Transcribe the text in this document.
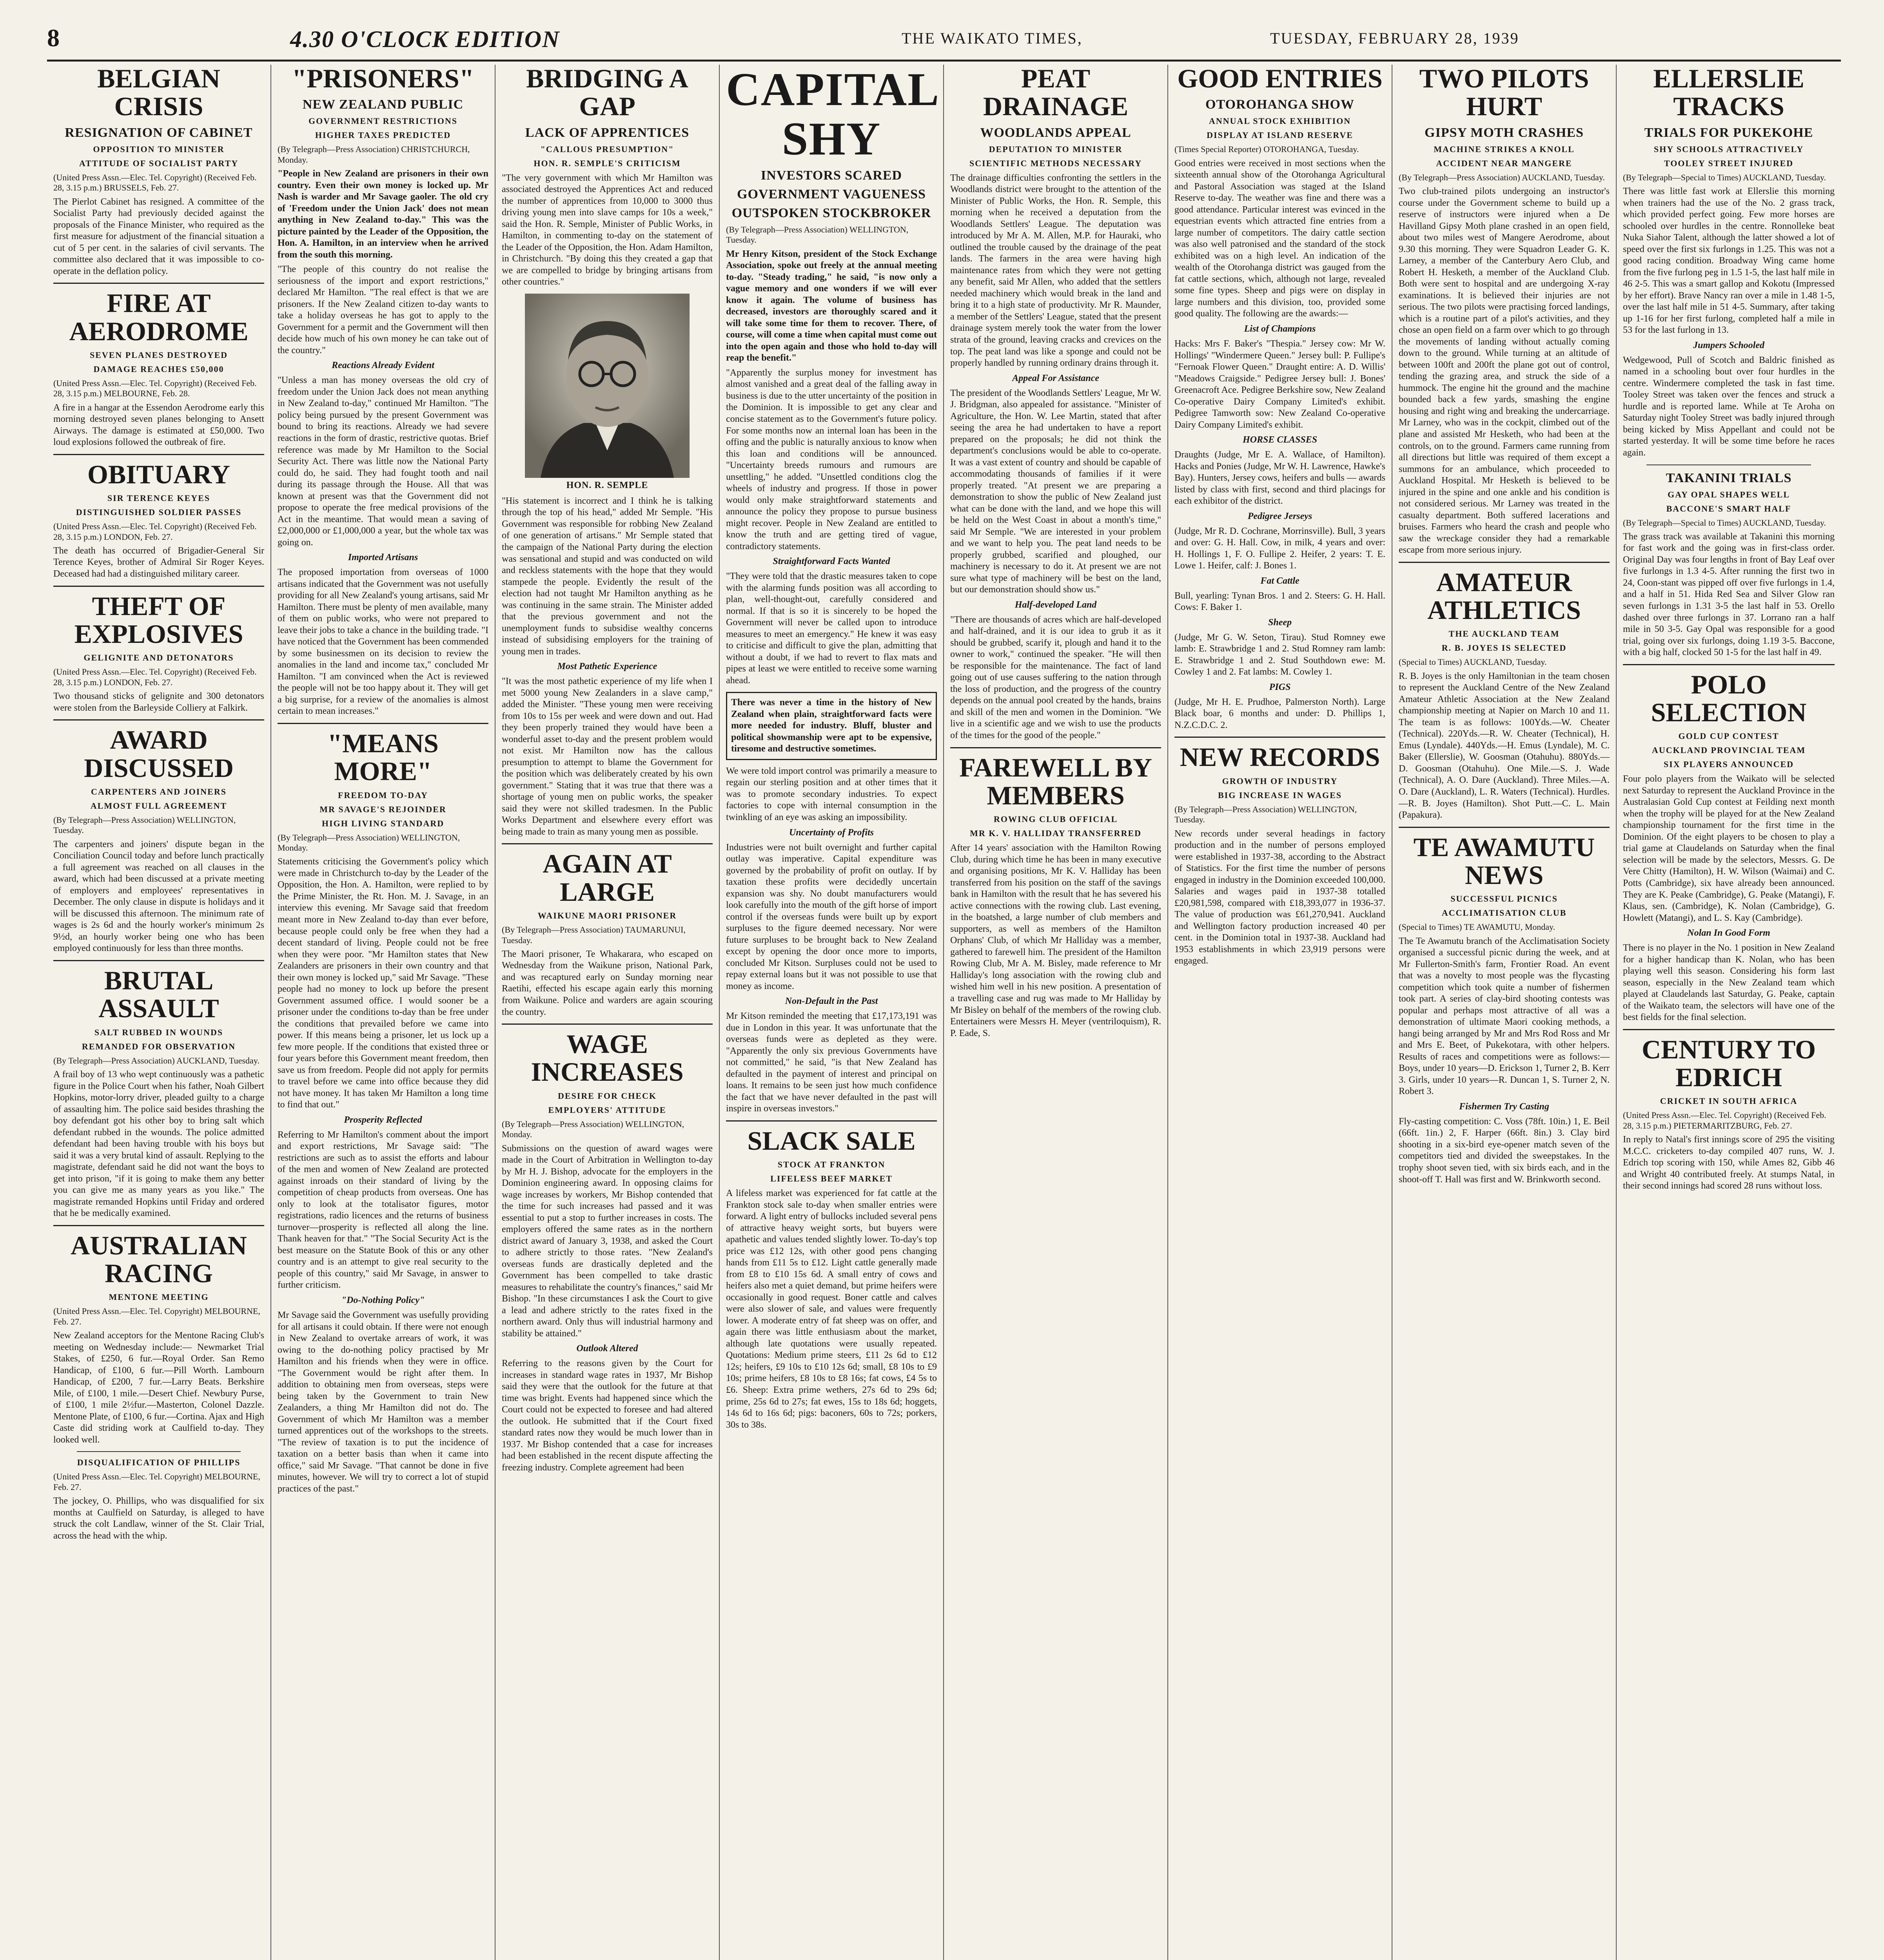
8	4.30 O'CLOCK EDITION	THE WAIKATO TIMES,	TUESDAY, FEBRUARY 28, 1939
BELGIAN CRISIS
RESIGNATION OF CABINET
OPPOSITION TO MINISTER
ATTITUDE OF SOCIALIST PARTY
(United Press Assn.—Elec. Tel. Copyright) (Received Feb. 28, 3.15 p.m.) BRUSSELS, Feb. 27.
The Pierlot Cabinet has resigned. A committee of the Socialist Party had previously decided against the proposals of the Finance Minister, who required as the first measure for adjustment of the financial situation a cut of 5 per cent. in the salaries of civil servants. The committee also declared that it was impossible to co-operate in the deflation policy.
FIRE AT AERODROME
SEVEN PLANES DESTROYED
DAMAGE REACHES £50,000
(United Press Assn.—Elec. Tel. Copyright) (Received Feb. 28, 3.15 p.m.) MELBOURNE, Feb. 28.
A fire in a hangar at the Essendon Aerodrome early this morning destroyed seven planes belonging to Ansett Airways. The damage is estimated at £50,000. Two loud explosions followed the outbreak of fire.
OBITUARY
SIR TERENCE KEYES
DISTINGUISHED SOLDIER PASSES
(United Press Assn.—Elec. Tel. Copyright) (Received Feb. 28, 3.15 p.m.) LONDON, Feb. 27.
The death has occurred of Brigadier-General Sir Terence Keyes, brother of Admiral Sir Roger Keyes. Deceased had had a distinguished military career.
THEFT OF EXPLOSIVES
GELIGNITE AND DETONATORS
(United Press Assn.—Elec. Tel. Copyright) (Received Feb. 28, 3.15 p.m.) LONDON, Feb. 27.
Two thousand sticks of gelignite and 300 detonators were stolen from the Barleyside Colliery at Falkirk.
AWARD DISCUSSED
CARPENTERS AND JOINERS
ALMOST FULL AGREEMENT
(By Telegraph—Press Association) WELLINGTON, Tuesday.
The carpenters and joiners' dispute began in the Conciliation Council today and before lunch practically a full agreement was reached on all clauses in the award, which had been discussed at a private meeting of employers and employees' representatives in December. The only clause in dispute is holidays and it will be discussed this afternoon. The minimum rate of wages is 2s 6d and the hourly worker's minimum 2s 9½d, an hourly worker being one who has been employed continuously for less than three months.
BRUTAL ASSAULT
SALT RUBBED IN WOUNDS
REMANDED FOR OBSERVATION
(By Telegraph—Press Association) AUCKLAND, Tuesday.
A frail boy of 13 who wept continuously was a pathetic figure in the Police Court when his father, Noah Gilbert Hopkins, motor-lorry driver, pleaded guilty to a charge of assaulting him. The police said besides thrashing the boy defendant got his other boy to bring salt which defendant rubbed in the wounds. The police admitted defendant had been having trouble with his boys but said it was a very brutal kind of assault. Replying to the magistrate, defendant said he did not want the boys to get into prison, "if it is going to make them any better you can give me as many years as you like." The magistrate remanded Hopkins until Friday and ordered that he be medically examined.
AUSTRALIAN RACING
MENTONE MEETING
(United Press Assn.—Elec. Tel. Copyright) MELBOURNE, Feb. 27.
New Zealand acceptors for the Mentone Racing Club's meeting on Wednesday include:— Newmarket Trial Stakes, of £250, 6 fur.—Royal Order. San Remo Handicap, of £100, 6 fur.—Pill Worth. Lambourn Handicap, of £200, 7 fur.—Larry Beats. Berkshire Mile, of £100, 1 mile.—Desert Chief. Newbury Purse, of £100, 1 mile 2½fur.—Masterton, Colonel Dazzle. Mentone Plate, of £100, 6 fur.—Cortina. Ajax and High Caste did striding work at Caulfield to-day. They looked well.
DISQUALIFICATION OF PHILLIPS
(United Press Assn.—Elec. Tel. Copyright) MELBOURNE, Feb. 27.
The jockey, O. Phillips, who was disqualified for six months at Caulfield on Saturday, is alleged to have struck the colt Landlaw, winner of the St. Clair Trial, across the head with the whip.
"PRISONERS"
NEW ZEALAND PUBLIC
GOVERNMENT RESTRICTIONS
HIGHER TAXES PREDICTED
(By Telegraph—Press Association) CHRISTCHURCH, Monday.
"People in New Zealand are prisoners in their own country. Even their own money is locked up. Mr Nash is warder and Mr Savage gaoler. The old cry of 'Freedom under the Union Jack' does not mean anything in New Zealand to-day." This was the picture painted by the Leader of the Opposition, the Hon. A. Hamilton, in an interview when he arrived from the south this morning.
"The people of this country do not realise the seriousness of the import and export restrictions," declared Mr Hamilton. "The real effect is that we are prisoners. If the New Zealand citizen to-day wants to take a holiday overseas he has got to apply to the Government for a permit and the Government will then decide how much of his own money he can take out of the country."
Reactions Already Evident
"Unless a man has money overseas the old cry of freedom under the Union Jack does not mean anything in New Zealand to-day," continued Mr Hamilton. "The policy being pursued by the present Government was bound to bring its reactions. Already we had severe reactions in the form of drastic, restrictive quotas. Brief reference was made by Mr Hamilton to the Social Security Act. There was little now the National Party could do, he said. They had fought tooth and nail during its passage through the House. All that was known at present was that the Government did not propose to operate the free medical provisions of the Act in the meantime. That would mean a saving of £2,000,000 or £1,000,000 a year, but the whole tax was going on.
Imported Artisans
The proposed importation from overseas of 1000 artisans indicated that the Government was not usefully providing for all New Zealand's young artisans, said Mr Hamilton. There must be plenty of men available, many of them on public works, who were not prepared to leave their jobs to take a chance in the building trade. "I have noticed that the Government has been commended by some businessmen on its decision to review the anomalies in the land and income tax," concluded Mr Hamilton. "I am convinced when the Act is reviewed the people will not be too happy about it. They will get a big surprise, for a review of the anomalies is almost certain to mean increases."
"MEANS MORE"
FREEDOM TO-DAY
MR SAVAGE'S REJOINDER
HIGH LIVING STANDARD
(By Telegraph—Press Association) WELLINGTON, Monday.
Statements criticising the Government's policy which were made in Christchurch to-day by the Leader of the Opposition, the Hon. A. Hamilton, were replied to by the Prime Minister, the Rt. Hon. M. J. Savage, in an interview this evening. Mr Savage said that freedom meant more in New Zealand to-day than ever before, because people could only be free when they had a decent standard of living. People could not be free when they were poor. "Mr Hamilton states that New Zealanders are prisoners in their own country and that their own money is locked up," said Mr Savage. "These people had no money to lock up before the present Government assumed office. I would sooner be a prisoner under the conditions to-day than be free under the conditions that prevailed before we came into power. If this means being a prisoner, let us lock up a few more people. If the conditions that existed three or four years before this Government meant freedom, then save us from freedom. People did not apply for permits to travel before we came into office because they did not have money. It has taken Mr Hamilton a long time to find that out."
Prosperity Reflected
Referring to Mr Hamilton's comment about the import and export restrictions, Mr Savage said: "The restrictions are such as to assist the efforts and labour of the men and women of New Zealand are protected against inroads on their standard of living by the competition of cheap products from overseas. One has only to look at the totalisator figures, motor registrations, radio licences and the returns of business turnover—prosperity is reflected all along the line. Thank heaven for that." "The Social Security Act is the best measure on the Statute Book of this or any other country and is an attempt to give real security to the people of this country," said Mr Savage, in answer to further criticism.
"Do-Nothing Policy"
Mr Savage said the Government was usefully providing for all artisans it could obtain. If there were not enough in New Zealand to overtake arrears of work, it was owing to the do-nothing policy practised by Mr Hamilton and his friends when they were in office. "The Government would be right after them. In addition to obtaining men from overseas, steps were being taken by the Government to train New Zealanders, a thing Mr Hamilton did not do. The Government of which Mr Hamilton was a member turned apprentices out of the workshops to the streets. "The review of taxation is to put the incidence of taxation on a better basis than when it came into office," said Mr Savage. "That cannot be done in five minutes, however. We will try to correct a lot of stupid practices of the past."
BRIDGING A GAP
LACK OF APPRENTICES
"CALLOUS PRESUMPTION"
HON. R. SEMPLE'S CRITICISM
"The very government with which Mr Hamilton was associated destroyed the Apprentices Act and reduced the number of apprentices from 10,000 to 3000 thus driving young men into slave camps for 10s a week," said the Hon. R. Semple, Minister of Public Works, in Hamilton, in commenting to-day on the statement of the Leader of the Opposition, the Hon. Adam Hamilton, in Christchurch. "By doing this they created a gap that we are compelled to bridge by bringing artisans from other countries."
HON. R. SEMPLE
"His statement is incorrect and I think he is talking through the top of his head," added Mr Semple. "His Government was responsible for robbing New Zealand of one generation of artisans." Mr Semple stated that the campaign of the National Party during the election was sensational and stupid and was conducted on wild and reckless statements with the hope that they would stampede the people. Evidently the result of the election had not taught Mr Hamilton anything as he was continuing in the same strain. The Minister added that the previous government and not the unemployment funds to subsidise wealthy concerns instead of subsidising employers for the training of young men in trades.
Most Pathetic Experience
"It was the most pathetic experience of my life when I met 5000 young New Zealanders in a slave camp," added the Minister. "These young men were receiving from 10s to 15s per week and were down and out. Had they been properly trained they would have been a wonderful asset to-day and the present problem would not exist. Mr Hamilton now has the callous presumption to attempt to blame the Government for the position which was deliberately created by his own government." Stating that it was true that there was a shortage of young men on public works, the speaker said they were not skilled tradesmen. In the Public Works Department and elsewhere every effort was being made to train as many young men as possible.
AGAIN AT LARGE
WAIKUNE MAORI PRISONER
(By Telegraph—Press Association) TAUMARUNUI, Tuesday.
The Maori prisoner, Te Whakarara, who escaped on Wednesday from the Waikune prison, National Park, and was recaptured early on Sunday morning near Raetihi, effected his escape again early this morning from Waikune. Police and warders are again scouring the country.
WAGE INCREASES
DESIRE FOR CHECK
EMPLOYERS' ATTITUDE
(By Telegraph—Press Association) WELLINGTON, Monday.
Submissions on the question of award wages were made in the Court of Arbitration in Wellington to-day by Mr H. J. Bishop, advocate for the employers in the Dominion engineering award. In opposing claims for wage increases by workers, Mr Bishop contended that the time for such increases had passed and it was essential to put a stop to further increases in costs. The employers offered the same rates as in the northern district award of January 3, 1938, and asked the Court to adhere strictly to those rates. "New Zealand's overseas funds are drastically depleted and the Government has been compelled to take drastic measures to rehabilitate the country's finances," said Mr Bishop. "In these circumstances I ask the Court to give a lead and adhere strictly to the rates fixed in the northern award. Only thus will industrial harmony and stability be attained."
Outlook Altered
Referring to the reasons given by the Court for increases in standard wage rates in 1937, Mr Bishop said they were that the outlook for the future at that time was bright. Events had happened since which the Court could not be expected to foresee and had altered the outlook. He submitted that if the Court fixed standard rates now they would be much lower than in 1937. Mr Bishop contended that a case for increases had been established in the recent dispute affecting the freezing industry. Complete agreement had been
CAPITAL SHY
INVESTORS SCARED
GOVERNMENT VAGUENESS
OUTSPOKEN STOCKBROKER
(By Telegraph—Press Association) WELLINGTON, Tuesday.
Mr Henry Kitson, president of the Stock Exchange Association, spoke out freely at the annual meeting to-day. "Steady trading," he said, "is now only a vague memory and one wonders if we will ever know it again. The volume of business has decreased, investors are thoroughly scared and it will take some time for them to recover. There, of course, will come a time when capital must come out into the open again and those who hold to-day will reap the benefit."
"Apparently the surplus money for investment has almost vanished and a great deal of the falling away in business is due to the utter uncertainty of the position in the Dominion. It is impossible to get any clear and concise statement as to the Government's future policy. For some months now an internal loan has been in the offing and the public is naturally anxious to know when this loan and conditions will be announced. "Uncertainty breeds rumours and rumours are unsettling," he added. "Unsettled conditions clog the wheels of industry and progress. If those in power would only make straightforward statements and announce the policy they propose to pursue business might recover. People in New Zealand are entitled to know the truth and are getting tired of vague, contradictory statements.
Straightforward Facts Wanted
"They were told that the drastic measures taken to cope with the alarming funds position was all according to plan, well-thought-out, carefully considered and normal. If that is so it is sincerely to be hoped the Government will never be called upon to introduce measures to meet an emergency." He knew it was easy to criticise and difficult to give the plan, admitting that without a doubt, if we had to revert to flax mats and pipes at least we were entitled to receive some warning ahead.
There was never a time in the history of New Zealand when plain, straightforward facts were more needed for industry. Bluff, bluster and political showmanship were apt to be expensive, tiresome and destructive sometimes.
We were told import control was primarily a measure to regain our sterling position and at other times that it was to promote secondary industries. To expect factories to cope with internal consumption in the twinkling of an eye was asking an impossibility.
Uncertainty of Profits
Industries were not built overnight and further capital outlay was imperative. Capital expenditure was governed by the probability of profit on outlay. If by taxation these profits were decidedly uncertain expansion was shy. No doubt manufacturers would look carefully into the mouth of the gift horse of import control if the overseas funds were built up by export surpluses to the figure deemed necessary. Nor were future surpluses to be brought back to New Zealand except by opening the door once more to imports, concluded Mr Kitson. Surpluses could not be used to repay external loans but it was not possible to use that money as income.
Non-Default in the Past
Mr Kitson reminded the meeting that £17,173,191 was due in London in this year. It was unfortunate that the overseas funds were as depleted as they were. "Apparently the only six previous Governments have not committed," he said, "is that New Zealand has defaulted in the payment of interest and principal on loans. It remains to be seen just how much confidence the fact that we have never defaulted in the past will inspire in overseas investors."
SLACK SALE
STOCK AT FRANKTON
LIFELESS BEEF MARKET
A lifeless market was experienced for fat cattle at the Frankton stock sale to-day when smaller entries were forward. A light entry of bullocks included several pens of attractive heavy weight sorts, but buyers were apathetic and values tended slightly lower. To-day's top price was £12 12s, with other good pens changing hands from £11 5s to £12. Light cattle generally made from £8 to £10 15s 6d. A small entry of cows and heifers also met a quiet demand, but prime heifers were occasionally in good request. Boner cattle and calves were also slower of sale, and values were frequently lower. A moderate entry of fat sheep was on offer, and again there was little enthusiasm about the market, although late quotations were usually repeated. Quotations: Medium prime steers, £11 2s 6d to £12 12s; heifers, £9 10s to £10 12s 6d; small, £8 10s to £9 10s; prime heifers, £8 10s to £8 16s; fat cows, £4 5s to £6. Sheep: Extra prime wethers, 27s 6d to 29s 6d; prime, 25s 6d to 27s; fat ewes, 15s to 18s 6d; hoggets, 14s 6d to 16s 6d; pigs: baconers, 60s to 72s; porkers, 30s to 38s.
PEAT DRAINAGE
WOODLANDS APPEAL
DEPUTATION TO MINISTER
SCIENTIFIC METHODS NECESSARY
The drainage difficulties confronting the settlers in the Woodlands district were brought to the attention of the Minister of Public Works, the Hon. R. Semple, this morning when he received a deputation from the Woodlands Settlers' League. The deputation was introduced by Mr A. M. Allen, M.P. for Hauraki, who outlined the trouble caused by the drainage of the peat lands. The farmers in the area were having high maintenance rates from which they were not getting any benefit, said Mr Allen, who added that the settlers needed machinery which would break in the land and bring it to a high state of productivity. Mr R. Maunder, a member of the Settlers' League, stated that the present drainage system merely took the water from the lower strata of the ground, leaving cracks and crevices on the top. The peat land was like a sponge and could not be properly handled by running ordinary drains through it.
Appeal For Assistance
The president of the Woodlands Settlers' League, Mr W. J. Bridgman, also appealed for assistance. "Minister of Agriculture, the Hon. W. Lee Martin, stated that after seeing the area he had undertaken to have a report prepared on the proposals; he did not think the department's conclusions would be able to co-operate. It was a vast extent of country and should be capable of accommodating thousands of families if it were properly treated. "At present we are preparing a demonstration to show the public of New Zealand just what can be done with the land, and we hope this will be held on the West Coast in about a month's time," said Mr Semple. "We are interested in your problem and we want to help you. The peat land needs to be properly grubbed, scarified and ploughed, our machinery is necessary to do it. At present we are not sure what type of machinery will be best on the land, but our demonstration should show us."
Half-developed Land
"There are thousands of acres which are half-developed and half-drained, and it is our idea to grub it as it should be grubbed, scarify it, plough and hand it to the owner to work," continued the speaker. "He will then be responsible for the maintenance. The fact of land going out of use causes suffering to the nation through the loss of production, and the progress of the country depends on the annual pool created by the hands, brains and skill of the men and women in the Dominion. "We live in a scientific age and we wish to use the products of the times for the good of the people."
FAREWELL BY MEMBERS
ROWING CLUB OFFICIAL
MR K. V. HALLIDAY TRANSFERRED
After 14 years' association with the Hamilton Rowing Club, during which time he has been in many executive and organising positions, Mr K. V. Halliday has been transferred from his position on the staff of the savings bank in Hamilton with the result that he has severed his active connections with the rowing club. Last evening, in the boatshed, a large number of club members and supporters, as well as members of the Hamilton Orphans' Club, of which Mr Halliday was a member, gathered to farewell him. The president of the Hamilton Rowing Club, Mr A. M. Bisley, made reference to Mr Halliday's long association with the rowing club and wished him well in his new position. A presentation of a travelling case and rug was made to Mr Halliday by Mr Bisley on behalf of the members of the rowing club. Entertainers were Messrs H. Meyer (ventriloquism), R. P. Eade, S.
GOOD ENTRIES
OTOROHANGA SHOW
ANNUAL STOCK EXHIBITION
DISPLAY AT ISLAND RESERVE
(Times Special Reporter) OTOROHANGA, Tuesday.
Good entries were received in most sections when the sixteenth annual show of the Otorohanga Agricultural and Pastoral Association was staged at the Island Reserve to-day. The weather was fine and there was a good attendance. Particular interest was evinced in the equestrian events which attracted fine entries from a large number of competitors. The dairy cattle section was also well patronised and the standard of the stock exhibited was on a high level. An indication of the wealth of the Otorohanga district was gauged from the fat cattle sections, which, although not large, revealed some fine types. Sheep and pigs were on display in large numbers and this division, too, provided some good quality. The following are the awards:—
List of Champions
Hacks: Mrs F. Baker's "Thespia." Jersey cow: Mr W. Hollings' "Windermere Queen." Jersey bull: P. Fullipe's "Fernoak Flower Queen." Draught entire: A. D. Willis' "Meadows Craigside." Pedigree Jersey bull: J. Bones' Greenacroft Ace. Pedigree Berkshire sow, New Zealand Co-operative Dairy Company Limited's exhibit. Pedigree Tamworth sow: New Zealand Co-operative Dairy Company Limited's exhibit.
HORSE CLASSES
Draughts (Judge, Mr E. A. Wallace, of Hamilton). Hacks and Ponies (Judge, Mr W. H. Lawrence, Hawke's Bay). Hunters, Jersey cows, heifers and bulls — awards listed by class with first, second and third placings for each exhibitor of the district.
Pedigree Jerseys
(Judge, Mr R. D. Cochrane, Morrinsville). Bull, 3 years and over: G. H. Hall. Cow, in milk, 4 years and over: H. Hollings 1, F. O. Fullipe 2. Heifer, 2 years: T. E. Lowe 1. Heifer, calf: J. Bones 1.
Fat Cattle
Bull, yearling: Tynan Bros. 1 and 2. Steers: G. H. Hall. Cows: F. Baker 1.
Sheep
(Judge, Mr G. W. Seton, Tirau). Stud Romney ewe lamb: E. Strawbridge 1 and 2. Stud Romney ram lamb: E. Strawbridge 1 and 2. Stud Southdown ewe: M. Cowley 1 and 2. Fat lambs: M. Cowley 1.
PIGS
(Judge, Mr H. E. Prudhoe, Palmerston North). Large Black boar, 6 months and under: D. Phillips 1, N.Z.C.D.C. 2.
NEW RECORDS
GROWTH OF INDUSTRY
BIG INCREASE IN WAGES
(By Telegraph—Press Association) WELLINGTON, Tuesday.
New records under several headings in factory production and in the number of persons employed were established in 1937-38, according to the Abstract of Statistics. For the first time the number of persons engaged in industry in the Dominion exceeded 100,000. Salaries and wages paid in 1937-38 totalled £20,981,598, compared with £18,393,077 in 1936-37. The value of production was £61,270,941. Auckland and Wellington factory production increased 40 per cent. in the Dominion total in 1937-38. Auckland had 1953 establishments in which 23,919 persons were engaged.
TWO PILOTS HURT
GIPSY MOTH CRASHES
MACHINE STRIKES A KNOLL
ACCIDENT NEAR MANGERE
(By Telegraph—Press Association) AUCKLAND, Tuesday.
Two club-trained pilots undergoing an instructor's course under the Government scheme to build up a reserve of instructors were injured when a De Havilland Gipsy Moth plane crashed in an open field, about two miles west of Mangere Aerodrome, about 9.30 this morning. They were Squadron Leader G. K. Larney, a member of the Canterbury Aero Club, and Robert H. Hesketh, a member of the Auckland Club. Both were sent to hospital and are undergoing X-ray examinations. It is believed their injuries are not serious. The two pilots were practising forced landings, which is a routine part of a pilot's activities, and they chose an open field on a farm over which to go through the movements of landing without actually coming down to the ground. While turning at an altitude of between 100ft and 200ft the plane got out of control, tending the grazing area, and struck the side of a hummock. The engine hit the ground and the machine bounded back a few yards, smashing the engine housing and right wing and breaking the undercarriage. Mr Larney, who was in the cockpit, climbed out of the plane and assisted Mr Hesketh, who had been at the controls, on to the ground. Farmers came running from all directions but little was required of them except a summons for an ambulance, which proceeded to Auckland Hospital. Mr Hesketh is believed to be injured in the spine and one ankle and his condition is not considered serious. Mr Larney was treated in the casualty department. Both suffered lacerations and bruises. Farmers who heard the crash and people who saw the wreckage consider they had a remarkable escape from more serious injury.
AMATEUR ATHLETICS
THE AUCKLAND TEAM
R. B. JOYES IS SELECTED
(Special to Times) AUCKLAND, Tuesday.
R. B. Joyes is the only Hamiltonian in the team chosen to represent the Auckland Centre of the New Zealand Amateur Athletic Association at the New Zealand championship meeting at Napier on March 10 and 11. The team is as follows: 100Yds.—W. Cheater (Technical). 220Yds.—R. W. Cheater (Technical), H. Emus (Lyndale). 440Yds.—H. Emus (Lyndale), M. C. Baker (Ellerslie), W. Goosman (Otahuhu). 880Yds.—D. Goosman (Otahuhu). One Mile.—S. J. Wade (Technical), A. O. Dare (Auckland). Three Miles.—A. O. Dare (Auckland), L. R. Waters (Technical). Hurdles.—R. B. Joyes (Hamilton). Shot Putt.—C. L. Main (Papakura).
TE AWAMUTU NEWS
SUCCESSFUL PICNICS
ACCLIMATISATION CLUB
(Special to Times) TE AWAMUTU, Monday.
The Te Awamutu branch of the Acclimatisation Society organised a successful picnic during the week, and at Mr Fullerton-Smith's farm, Frontier Road. An event that was a novelty to most people was the flycasting competition which took quite a number of fishermen took part. A series of clay-bird shooting contests was popular and perhaps most attractive of all was a demonstration of ultimate Maori cooking methods, a hangi being arranged by Mr and Mrs Rod Ross and Mr and Mrs E. Beet, of Pukekotara, with other helpers. Results of races and competitions were as follows:—Boys, under 10 years—D. Erickson 1, Turner 2, B. Kerr 3. Girls, under 10 years—R. Duncan 1, S. Turner 2, N. Robert 3.
Fishermen Try Casting
Fly-casting competition: C. Voss (78ft. 10in.) 1, E. Beil (66ft. 1in.) 2, F. Harper (66ft. 8in.) 3. Clay bird shooting in a six-bird eye-opener match seven of the competitors tied and divided the sweepstakes. In the trophy shoot seven tied, with six birds each, and in the shoot-off T. Hall was first and W. Brinkworth second.
ELLERSLIE TRACKS
TRIALS FOR PUKEKOHE
SHY SCHOOLS ATTRACTIVELY
TOOLEY STREET INJURED
(By Telegraph—Special to Times) AUCKLAND, Tuesday.
There was little fast work at Ellerslie this morning when trainers had the use of the No. 2 grass track, which provided perfect going. Few more horses are schooled over hurdles in the centre. Ronnolleke beat Nuka Siahor Talent, although the latter showed a lot of speed over the first six furlongs in 1.25. This was not a good racing condition. Broadway Wing came home from the five furlong peg in 1.5 1-5, the last half mile in 46 2-5. This was a smart gallop and Kokotu (Impressed by her effort). Brave Nancy ran over a mile in 1.48 1-5, over the last half mile in 51 4-5. Summary, after taking up 1-16 for her first furlong, completed half a mile in 53 for the last furlong in 13.
Jumpers Schooled
Wedgewood, Pull of Scotch and Baldric finished as named in a schooling bout over four hurdles in the centre. Windermere completed the task in fast time. Tooley Street was taken over the fences and struck a hurdle and is reported lame. While at Te Aroha on Saturday night Tooley Street was badly injured through being kicked by Miss Appellant and could not be started yesterday. It will be some time before he races again.
TAKANINI TRIALS
GAY OPAL SHAPES WELL
BACCONE'S SMART HALF
(By Telegraph—Special to Times) AUCKLAND, Tuesday.
The grass track was available at Takanini this morning for fast work and the going was in first-class order. Original Day was four lengths in front of Bay Leaf over five furlongs in 1.3 4-5. After running the first two in 24, Coon-stant was pipped off over five furlongs in 1.4, and a half in 51. Hida Red Sea and Silver Glow ran seven furlongs in 1.31 3-5 the last half in 53. Orello dashed over three furlongs in 37. Lorrano ran a half mile in 50 3-5. Gay Opal was responsible for a good trial, going over six furlongs, doing 1.19 3-5. Baccone, with a big half, clocked 50 1-5 for the last half in 49.
POLO SELECTION
GOLD CUP CONTEST
AUCKLAND PROVINCIAL TEAM
SIX PLAYERS ANNOUNCED
Four polo players from the Waikato will be selected next Saturday to represent the Auckland Province in the Australasian Gold Cup contest at Feilding next month when the trophy will be played for at the New Zealand championship tournament for the first time in the Dominion. Of the eight players to be chosen to play a trial game at Claudelands on Saturday when the final selection will be made by the selectors, Messrs. G. De Vere Chitty (Hamilton), H. W. Wilson (Waimai) and C. Potts (Cambridge), six have already been announced. They are K. Peake (Cambridge), G. Peake (Matangi), F. Klaus, sen. (Cambridge), K. Nolan (Cambridge), G. Howlett (Matangi), and L. S. Kay (Cambridge).
Nolan In Good Form
There is no player in the No. 1 position in New Zealand for a higher handicap than K. Nolan, who has been playing well this season. Considering his form last season, especially in the New Zealand team which played at Claudelands last Saturday, G. Peake, captain of the Waikato team, the selectors will have one of the best fields for the final selection.
CENTURY TO EDRICH
CRICKET IN SOUTH AFRICA
(United Press Assn.—Elec. Tel. Copyright) (Received Feb. 28, 3.15 p.m.) PIETERMARITZBURG, Feb. 27.
In reply to Natal's first innings score of 295 the visiting M.C.C. cricketers to-day compiled 407 runs, W. J. Edrich top scoring with 150, while Ames 82, Gibb 46 and Wright 40 contributed freely. At stumps Natal, in their second innings had scored 28 runs without loss.
